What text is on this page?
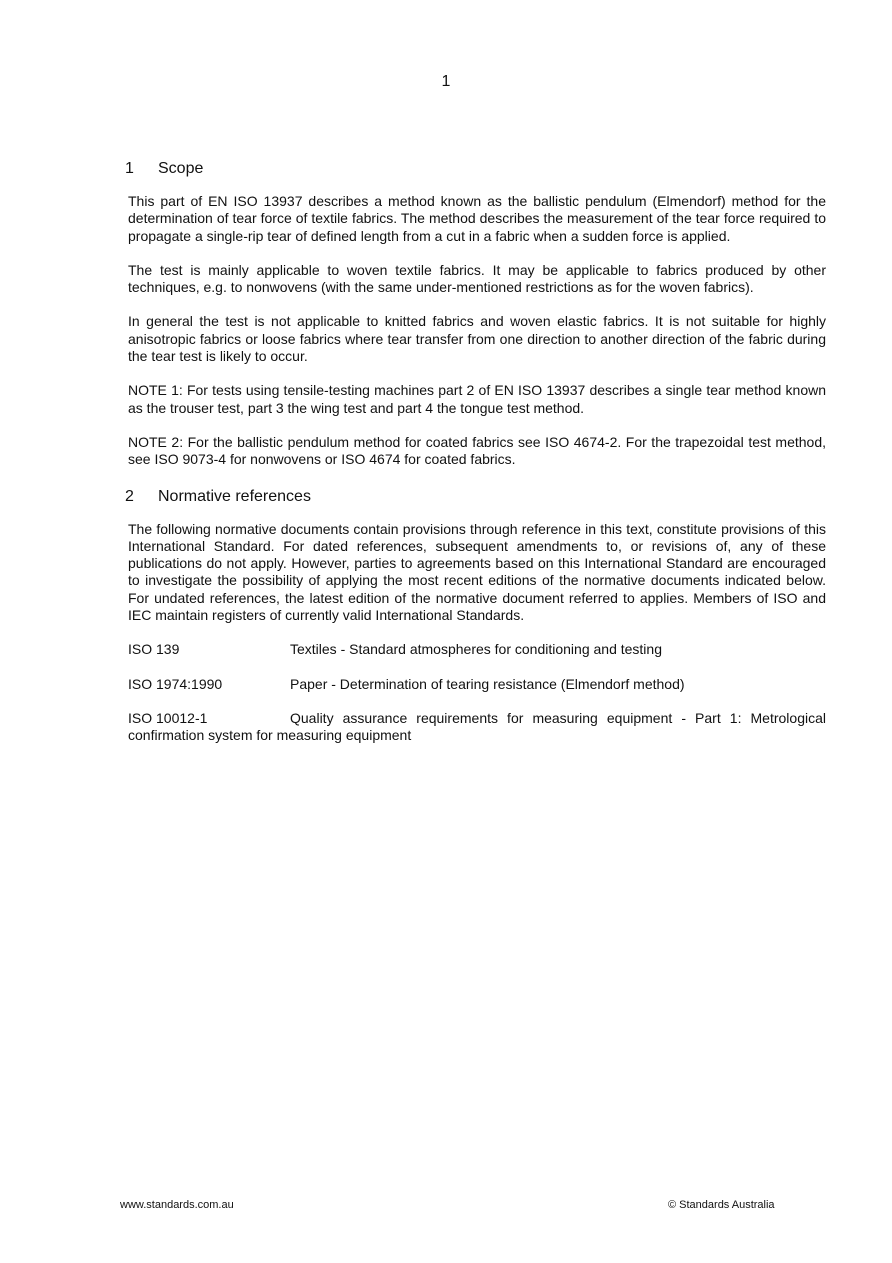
1
1	Scope

This part of EN ISO 13937 describes a method known as the ballistic pendulum (Elmendorf) method for the determination of tear force of textile fabrics. The method describes the measurement of the tear force required to propagate a single-rip tear of defined length from a cut in a fabric when a sudden force is applied.

The test is mainly applicable to woven textile fabrics. It may be applicable to fabrics produced by other techniques, e.g. to nonwovens (with the same under-mentioned restrictions as for the woven fabrics).

In general the test is not applicable to knitted fabrics and woven elastic fabrics. It is not suitable for highly anisotropic fabrics or loose fabrics where tear transfer from one direction to another direction of the fabric during the tear test is likely to occur.

NOTE 1: For tests using tensile-testing machines part 2 of EN ISO 13937 describes a single tear method known as the trouser test, part 3 the wing test and part 4 the tongue test method.

NOTE 2: For the ballistic pendulum method for coated fabrics see ISO 4674-2. For the trapezoidal test method, see ISO 9073-4 for nonwovens or ISO 4674 for coated fabrics.

2	Normative references

The following normative documents contain provisions through reference in this text, constitute provisions of this International Standard. For dated references, subsequent amendments to, or revisions of, any of these publications do not apply. However, parties to agreements based on this International Standard are encouraged to investigate the possibility of applying the most recent editions of the normative documents indicated below. For undated references, the latest edition of the normative document referred to applies. Members of ISO and IEC maintain registers of currently valid International Standards.

ISO 139	Textiles - Standard atmospheres for conditioning and testing

ISO 1974:1990	Paper - Determination of tearing resistance (Elmendorf method)

ISO 10012-1	Quality assurance requirements for measuring equipment - Part 1: Metrological confirmation system for measuring equipment

www.standards.com.au	© Standards Australia
